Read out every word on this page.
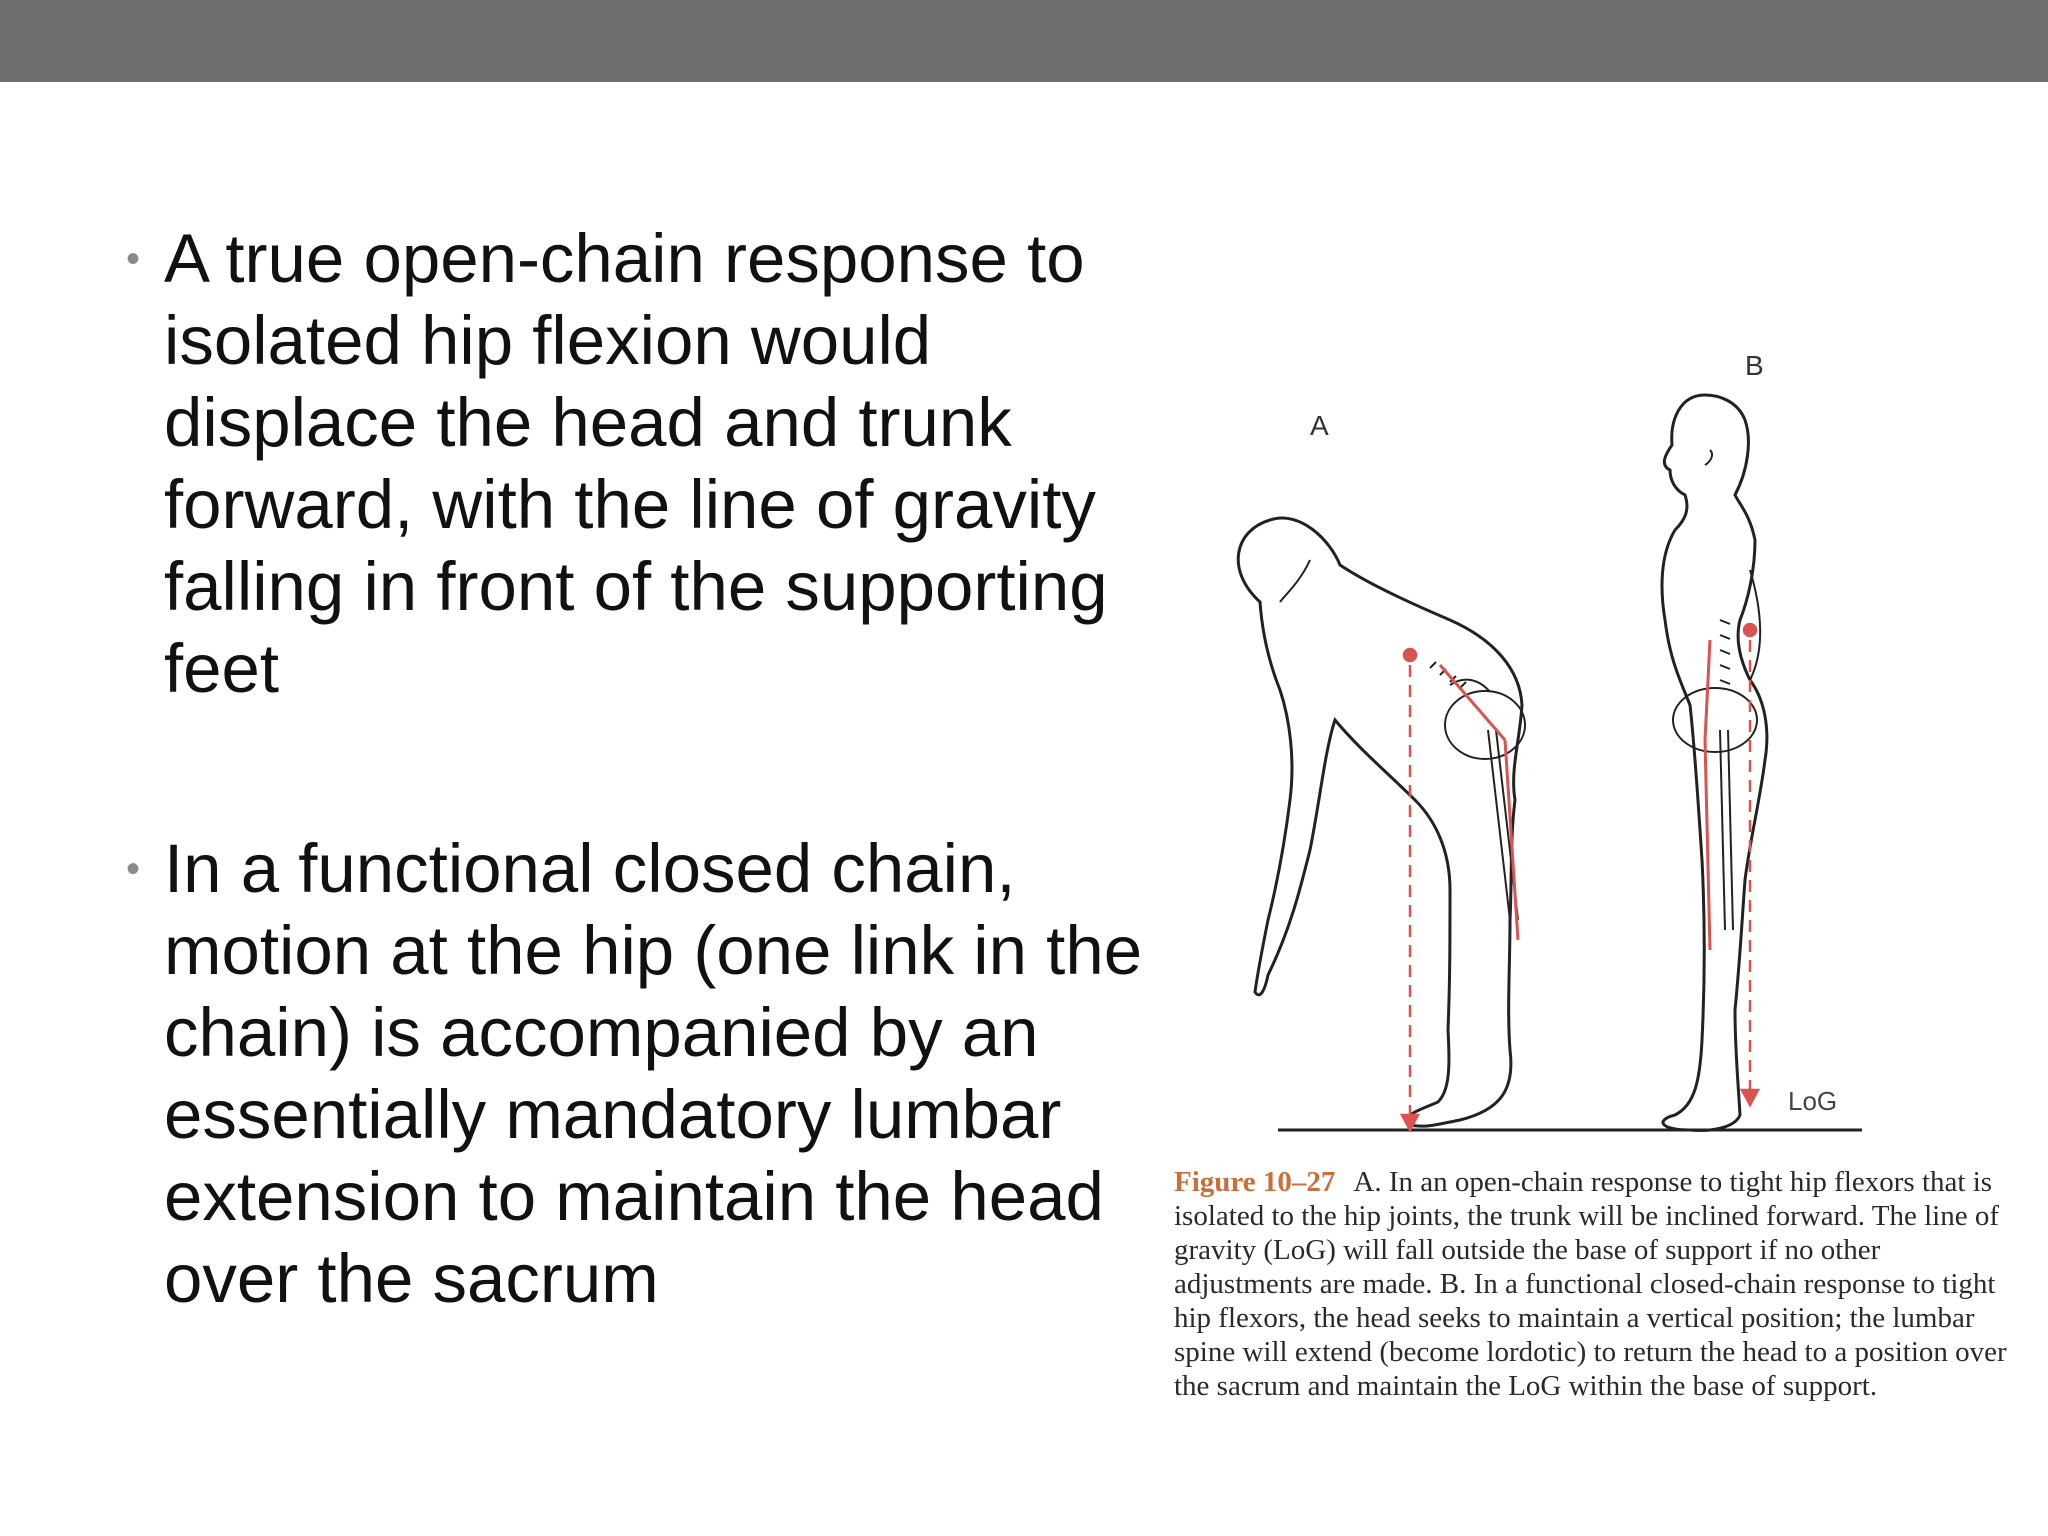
• A true open-chain response to isolated hip flexion would displace the head and trunk forward, with the line of gravity falling in front of the supporting feet
• In a functional closed chain, motion at the hip (one link in the chain) is accompanied by an essentially mandatory lumbar extension to maintain the head over the sacrum
A
B
LoG
Figure 10–27 A. In an open-chain response to tight hip flexors that is isolated to the hip joints, the trunk will be inclined forward. The line of gravity (LoG) will fall outside the base of support if no other adjustments are made. B. In a functional closed-chain response to tight hip flexors, the head seeks to maintain a vertical position; the lumbar spine will extend (become lordotic) to return the head to a position over the sacrum and maintain the LoG within the base of support.
